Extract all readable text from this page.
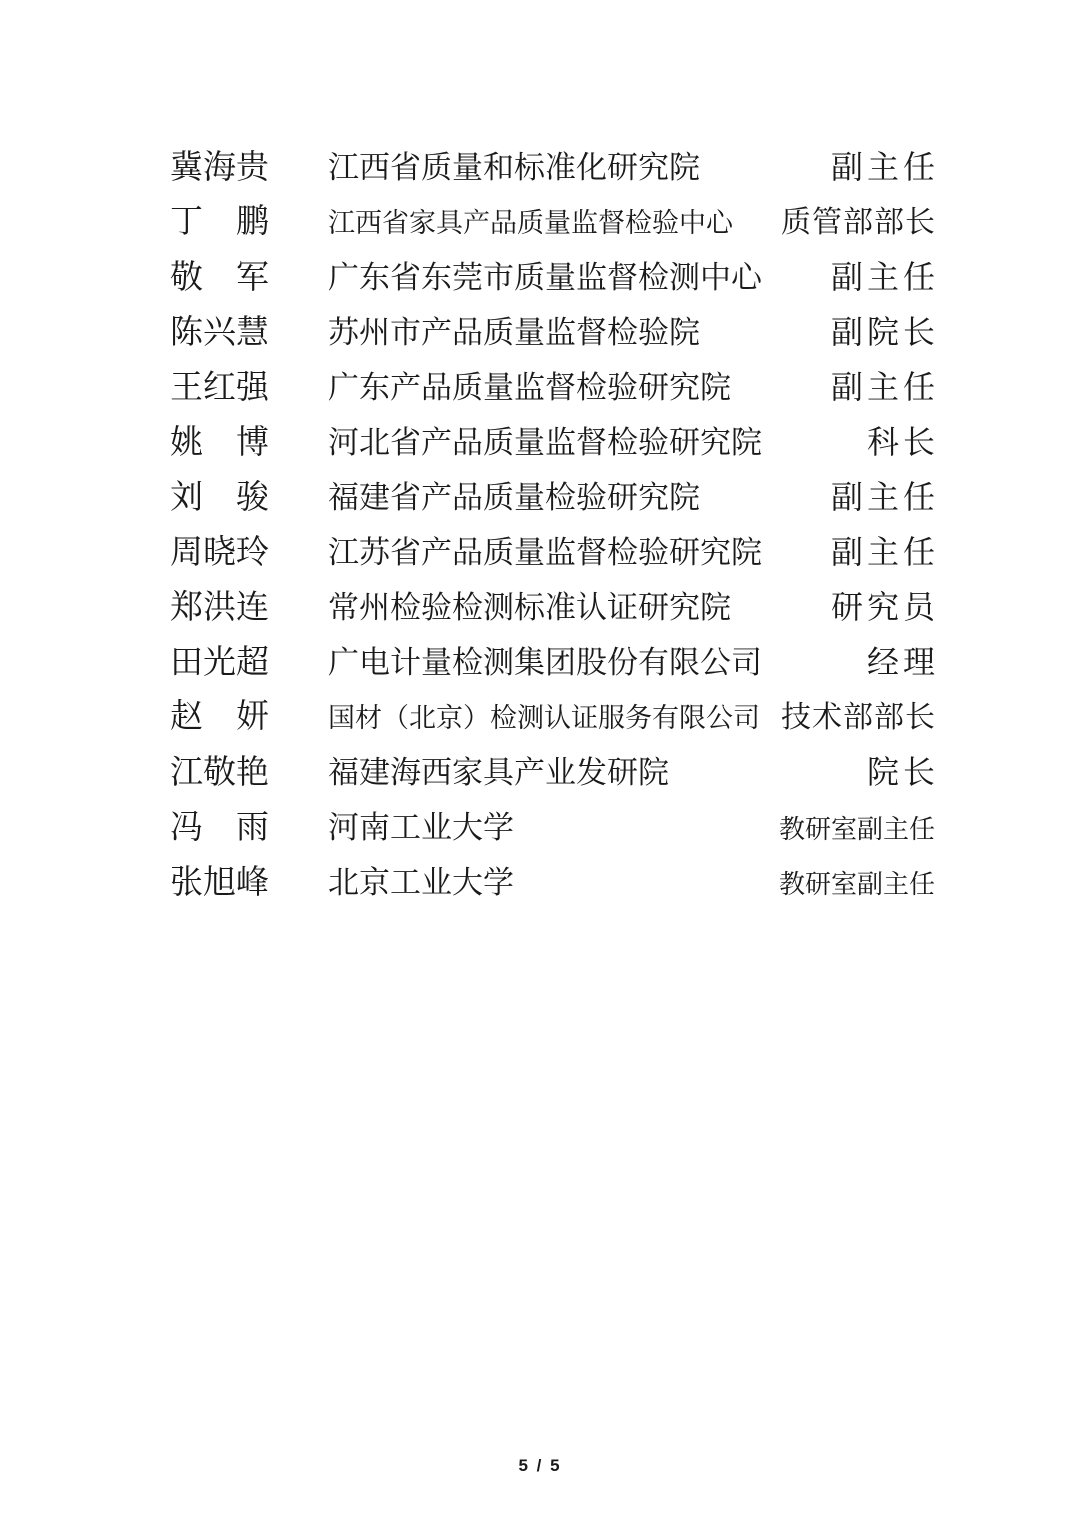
冀海贵 江西省质量和标准化研究院	副主任
丁　鹏 江西省家具产品质量监督检验中心	质管部部长
敬　军 广东省东莞市质量监督检测中心	副主任
陈兴慧 苏州市产品质量监督检验院	副院长
王红强 广东产品质量监督检验研究院	副主任
姚　博 河北省产品质量监督检验研究院	科长
刘　骏 福建省产品质量检验研究院	副主任
周晓玲 江苏省产品质量监督检验研究院	副主任
郑洪连 常州检验检测标准认证研究院	研究员
田光超 广电计量检测集团股份有限公司	经理
赵　妍 国材（北京）检测认证服务有限公司 技术部部长
江敬艳 福建海西家具产业发研院	院长
冯　雨 河南工业大学	教研室副主任
张旭峰 北京工业大学	教研室副主任
5 / 5
